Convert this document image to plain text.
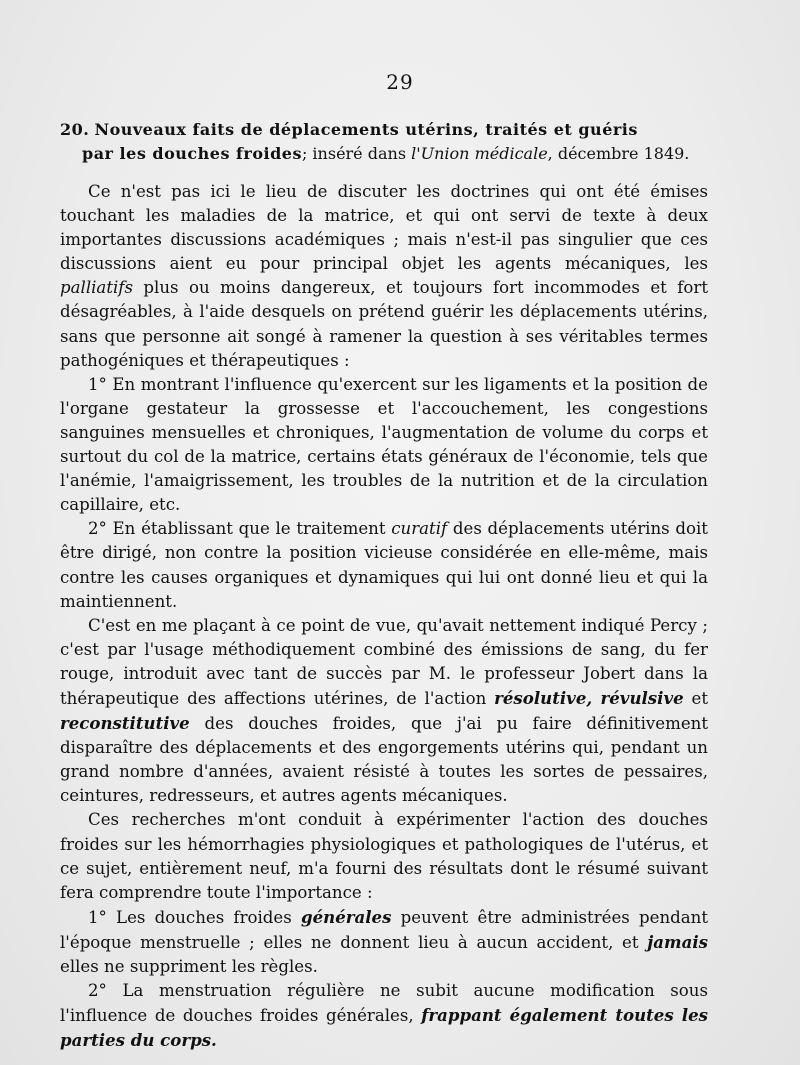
29
20. Nouveaux faits de déplacements utérins, traités et guéris
par les douches froides; inséré dans l'Union médicale, décembre 1849.

Ce n'est pas ici le lieu de discuter les doctrines qui ont été émises touchant les maladies de la matrice, et qui ont servi de texte à deux importantes discussions académiques ; mais n'est-il pas singulier que ces discussions aient eu pour principal objet les agents mécaniques, les palliatifs plus ou moins dangereux, et toujours fort incommodes et fort désagréables, à l'aide desquels on prétend guérir les déplacements utérins, sans que personne ait songé à ramener la question à ses véritables termes pathogéniques et thérapeutiques :

1° En montrant l'influence qu'exercent sur les ligaments et la position de l'organe gestateur la grossesse et l'accouchement, les congestions sanguines mensuelles et chroniques, l'augmentation de volume du corps et surtout du col de la matrice, certains états généraux de l'économie, tels que l'anémie, l'amaigrissement, les troubles de la nutrition et de la circulation capillaire, etc.

2° En établissant que le traitement curatif des déplacements utérins doit être dirigé, non contre la position vicieuse considérée en elle-même, mais contre les causes organiques et dynamiques qui lui ont donné lieu et qui la maintiennent.

C'est en me plaçant à ce point de vue, qu'avait nettement indiqué Percy ; c'est par l'usage méthodiquement combiné des émissions de sang, du fer rouge, introduit avec tant de succès par M. le professeur Jobert dans la thérapeutique des affections utérines, de l'action résolutive, révulsive et reconstitutive des douches froides, que j'ai pu faire définitivement disparaître des déplacements et des engorgements utérins qui, pendant un grand nombre d'années, avaient résisté à toutes les sortes de pessaires, ceintures, redresseurs, et autres agents mécaniques.

Ces recherches m'ont conduit à expérimenter l'action des douches froides sur les hémorrhagies physiologiques et pathologiques de l'utérus, et ce sujet, entièrement neuf, m'a fourni des résultats dont le résumé suivant fera comprendre toute l'importance :

1° Les douches froides générales peuvent être administrées pendant l'époque menstruelle ; elles ne donnent lieu à aucun accident, et jamais elles ne suppriment les règles.

2° La menstruation régulière ne subit aucune modification sous l'influence de douches froides générales, frappant également toutes les parties du corps.
